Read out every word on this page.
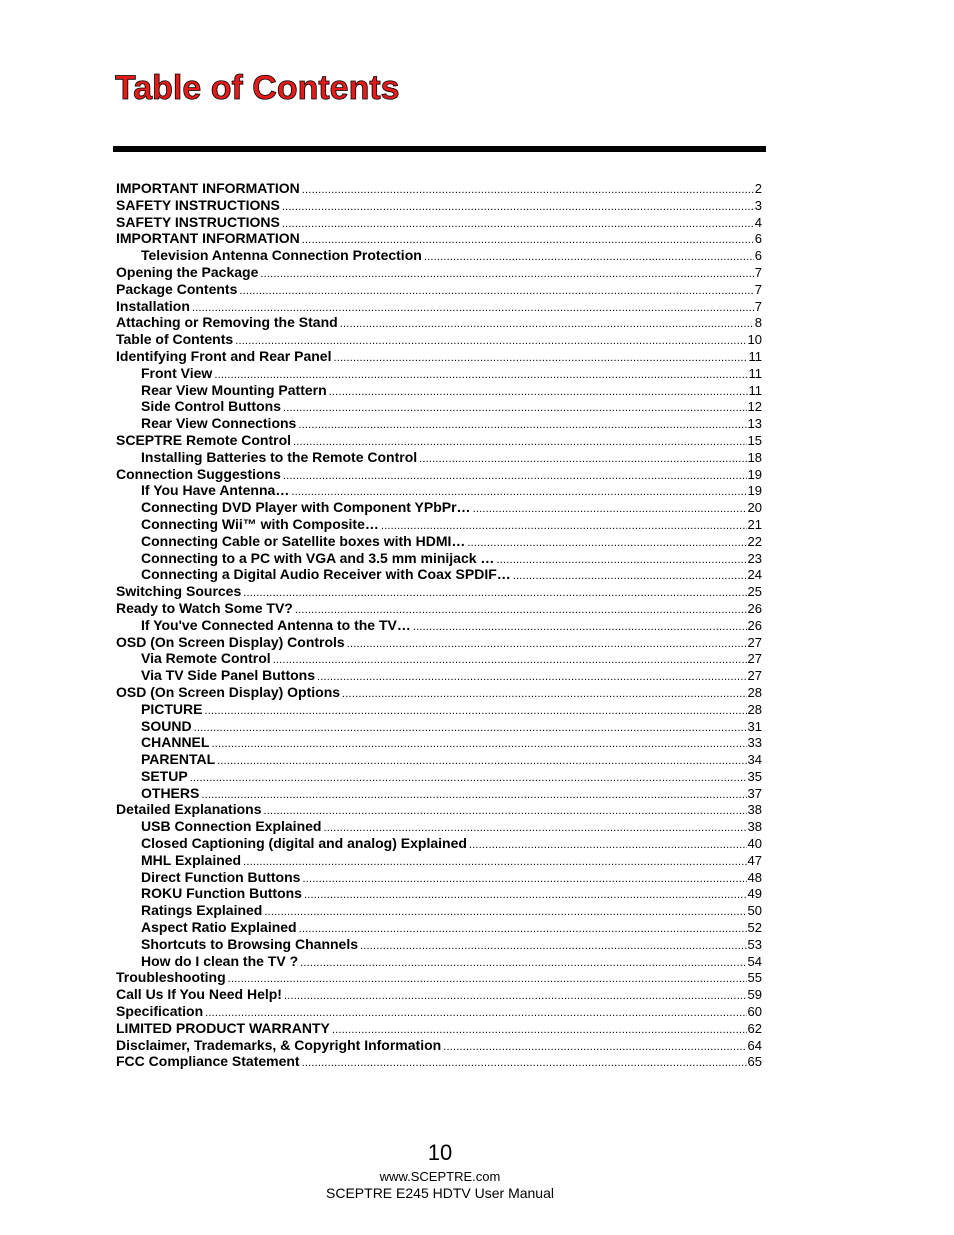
Table of Contents
IMPORTANT INFORMATION .....	2
SAFETY INSTRUCTIONS .....	3
SAFETY INSTRUCTIONS .....	4
IMPORTANT INFORMATION .....	6
Television Antenna Connection Protection .....	6
Opening the Package .....	7
Package Contents .....	7
Installation .....	7
Attaching or Removing the Stand .....	8
Table of Contents .....	10
Identifying Front and Rear Panel .....	11
Front View .....	11
Rear View Mounting Pattern .....	11
Side Control Buttons .....	12
Rear View Connections .....	13
SCEPTRE Remote Control .....	15
Installing Batteries to the Remote Control .....	18
Connection Suggestions .....	19
If You Have Antenna… .....	19
Connecting DVD Player with Component YPbPr… .....	20
Connecting Wii™ with Composite… .....	21
Connecting Cable or Satellite boxes with HDMI… .....	22
Connecting to a PC with VGA and 3.5 mm minijack … .....	23
Connecting a Digital Audio Receiver with Coax SPDIF… .....	24
Switching Sources .....	25
Ready to Watch Some TV? .....	26
If You've Connected Antenna to the TV… .....	26
OSD (On Screen Display) Controls .....	27
Via Remote Control .....	27
Via TV Side Panel Buttons .....	27
OSD (On Screen Display) Options .....	28
PICTURE .....	28
SOUND .....	31
CHANNEL .....	33
PARENTAL .....	34
SETUP .....	35
OTHERS .....	37
Detailed Explanations .....	38
USB Connection Explained .....	38
Closed Captioning (digital and analog) Explained .....	40
MHL Explained .....	47
Direct Function Buttons .....	48
ROKU Function Buttons .....	49
Ratings Explained .....	50
Aspect Ratio Explained .....	52
Shortcuts to Browsing Channels .....	53
How do I clean the TV ? .....	54
Troubleshooting .....	55
Call Us If You Need Help! .....	59
Specification .....	60
LIMITED PRODUCT WARRANTY .....	62
Disclaimer, Trademarks, & Copyright Information .....	64
FCC Compliance Statement .....	65
10
www.SCEPTRE.com
SCEPTRE E245 HDTV User Manual
